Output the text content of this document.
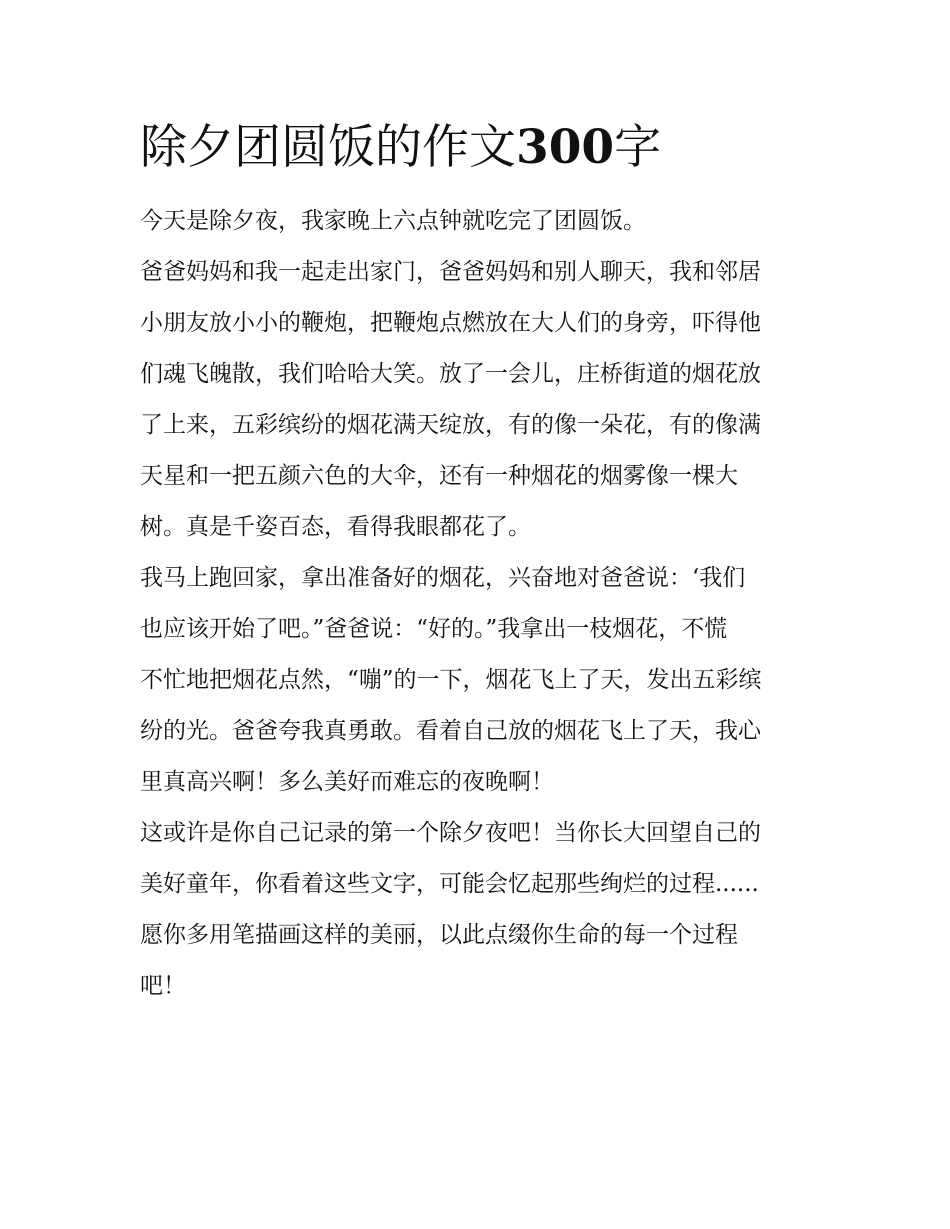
除夕团圆饭的作文300字

今天是除夕夜，我家晚上六点钟就吃完了团圆饭。

爸爸妈妈和我一起走出家门，爸爸妈妈和别人聊天，我和邻居
小朋友放小小的鞭炮，把鞭炮点燃放在大人们的身旁，吓得他
们魂飞魄散，我们哈哈大笑。放了一会儿，庄桥街道的烟花放
了上来，五彩缤纷的烟花满天绽放，有的像一朵花，有的像满
天星和一把五颜六色的大伞，还有一种烟花的烟雾像一棵大
树。真是千姿百态，看得我眼都花了。

我马上跑回家，拿出准备好的烟花，兴奋地对爸爸说：‘我们
也应该开始了吧。”爸爸说：“好的。”我拿出一枝烟花，不慌
不忙地把烟花点然，“嘣”的一下，烟花飞上了天，发出五彩缤
纷的光。爸爸夸我真勇敢。看着自己放的烟花飞上了天，我心
里真高兴啊！多么美好而难忘的夜晚啊！

这或许是你自己记录的第一个除夕夜吧！当你长大回望自己的
美好童年，你看着这些文字，可能会忆起那些绚烂的过程......
愿你多用笔描画这样的美丽，以此点缀你生命的每一个过程
吧！
